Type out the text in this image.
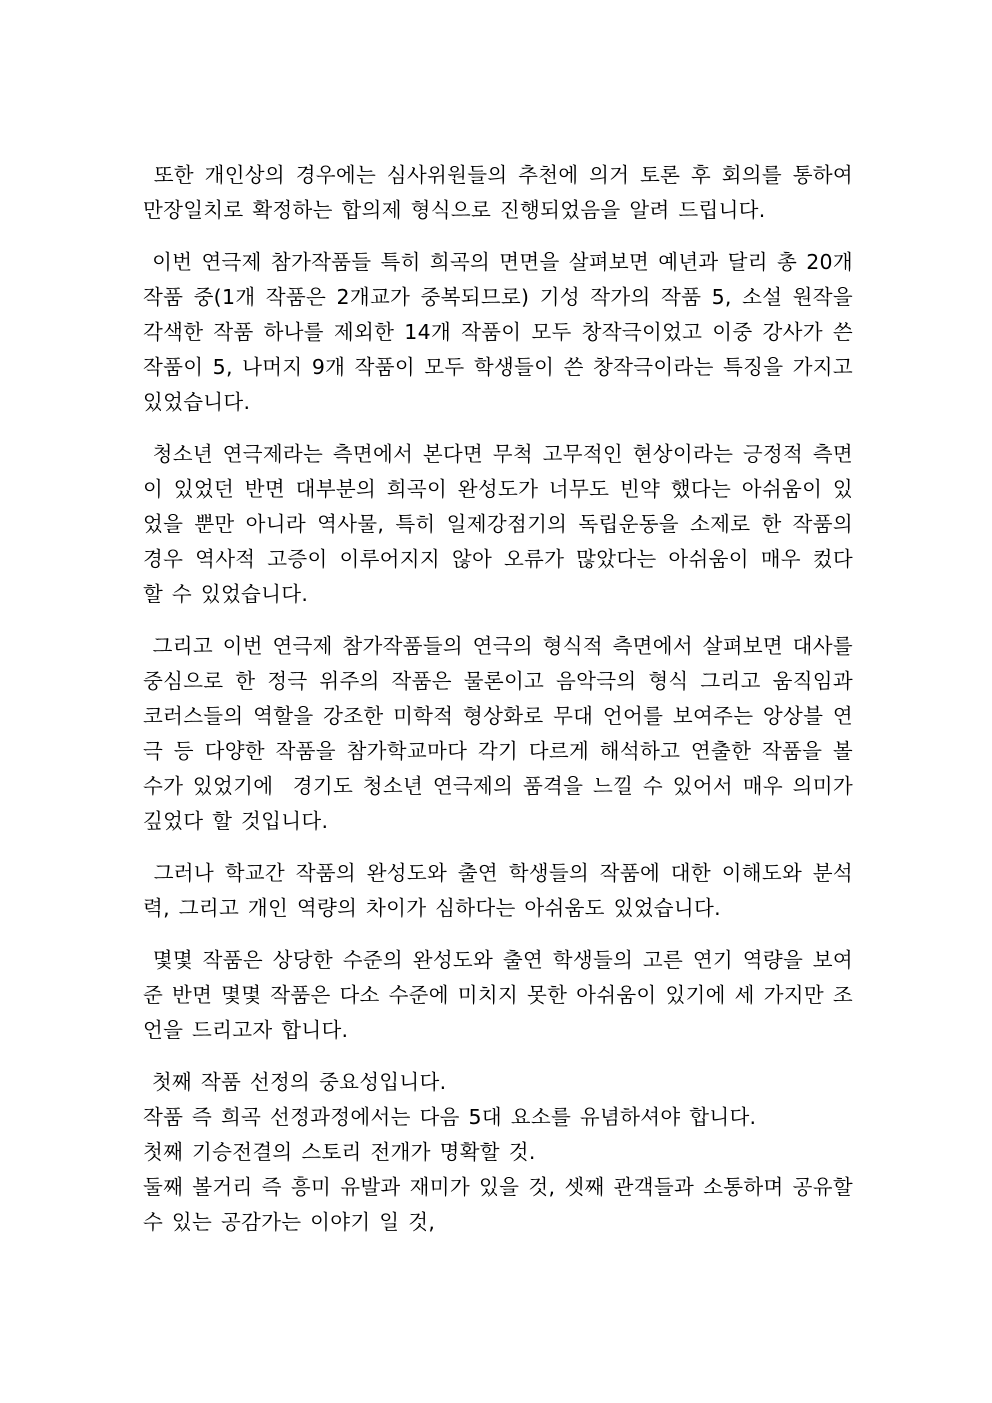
또한 개인상의 경우에는 심사위원들의 추천에 의거 토론 후 회의를 통하여 만장일치로 확정하는 합의제 형식으로 진행되었음을 알려 드립니다.

이번 연극제 참가작품들 특히 희곡의 면면을 살펴보면 예년과 달리 총 20개 작품 중(1개 작품은 2개교가 중복되므로) 기성 작가의 작품 5, 소설 원작을 각색한 작품 하나를 제외한 14개 작품이 모두 창작극이었고 이중 강사가 쓴 작품이 5, 나머지 9개 작품이 모두 학생들이 쓴 창작극이라는 특징을 가지고 있었습니다.

청소년 연극제라는 측면에서 본다면 무척 고무적인 현상이라는 긍정적 측면이 있었던 반면 대부분의 희곡이 완성도가 너무도 빈약 했다는 아쉬움이 있었을 뿐만 아니라 역사물, 특히 일제강점기의 독립운동을 소제로 한 작품의 경우 역사적 고증이 이루어지지 않아 오류가 많았다는 아쉬움이 매우 컸다 할 수 있었습니다.

그리고 이번 연극제 참가작품들의 연극의 형식적 측면에서 살펴보면 대사를 중심으로 한 정극 위주의 작품은 물론이고 음악극의 형식 그리고 움직임과 코러스들의 역할을 강조한 미학적 형상화로 무대 언어를 보여주는 앙상블 연극 등 다양한 작품을 참가학교마다 각기 다르게 해석하고 연출한 작품을 볼 수가 있었기에  경기도 청소년 연극제의 품격을 느낄 수 있어서 매우 의미가 깊었다 할 것입니다.

그러나 학교간 작품의 완성도와 출연 학생들의 작품에 대한 이해도와 분석력, 그리고 개인 역량의 차이가 심하다는 아쉬움도 있었습니다.

몇몇 작품은 상당한 수준의 완성도와 출연 학생들의 고른 연기 역량을 보여준 반면 몇몇 작품은 다소 수준에 미치지 못한 아쉬움이 있기에 세 가지만 조언을 드리고자 합니다.

첫째 작품 선정의 중요성입니다.
작품 즉 희곡 선정과정에서는 다음 5대 요소를 유념하셔야 합니다.
첫째 기승전결의 스토리 전개가 명확할 것.
둘째 볼거리 즉 흥미 유발과 재미가 있을 것, 셋째 관객들과 소통하며 공유할 수 있는 공감가는 이야기 일 것,
